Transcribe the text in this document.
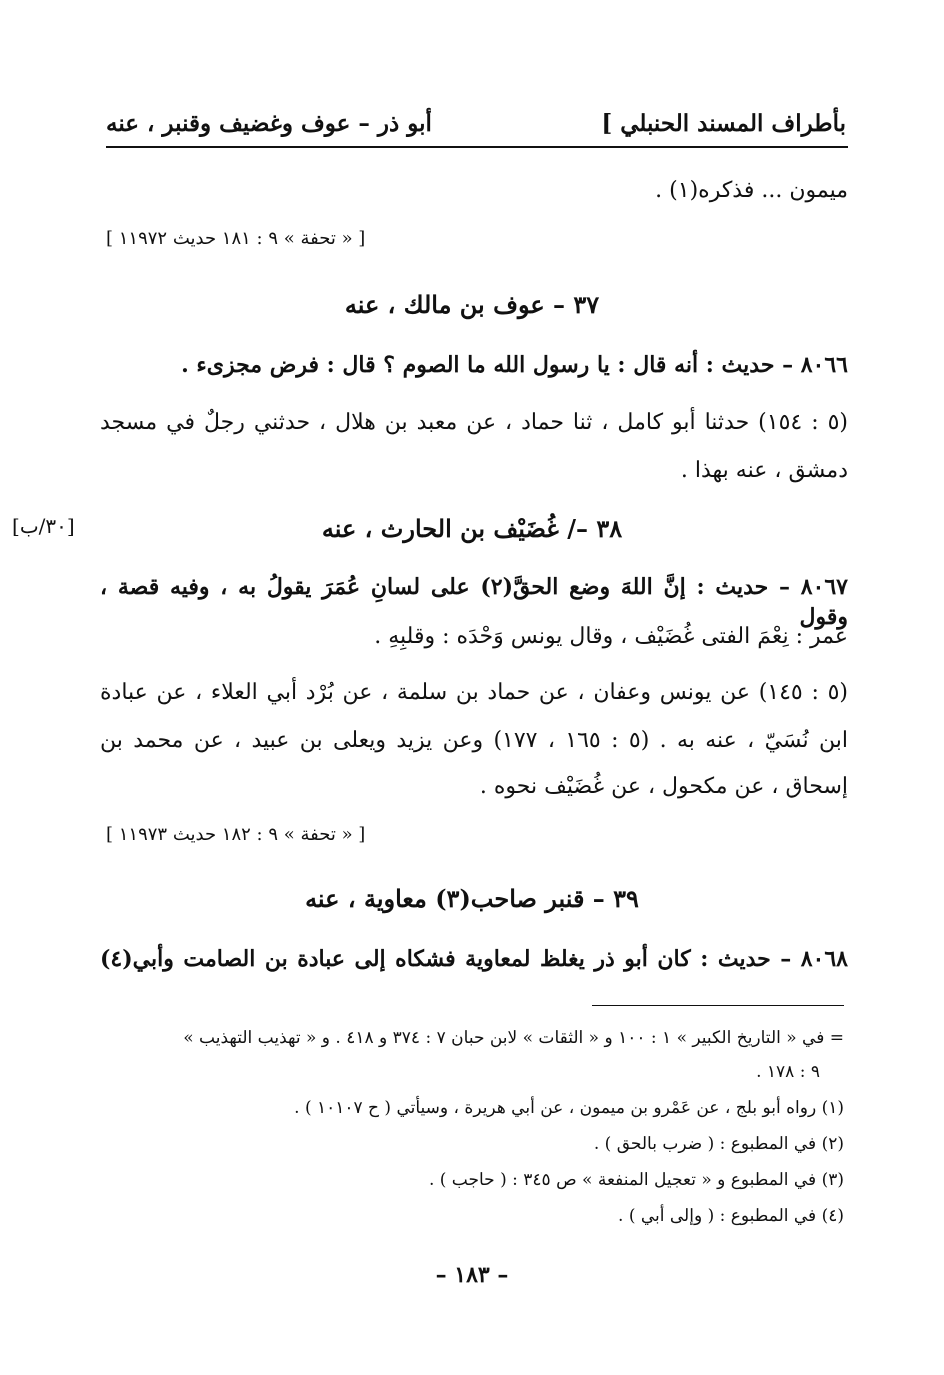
بأطراف المسند الحنبلي ]
أبو ذر – عوف وغضيف وقنبر ، عنه
ميمون ... فذكره(١) .
[ « تحفة » ٩ : ١٨١ حديث ١١٩٧٢ ]
٣٧ – عوف بن مالك ، عنه
٨٠٦٦ – حديث : أنه قال : يا رسول الله ما الصوم ؟ قال : فرض مجزىء .
(٥ : ١٥٤) حدثنا أبو كامل ، ثنا حماد ، عن معبد بن هلال ، حدثني رجلٌ في مسجد
دمشق ، عنه بهذا .
[٣٠/ب]	٣٨ –/ غُضَيْف بن الحارث ، عنه
٨٠٦٧ – حديث : إنَّ اللهَ وضع الحقَّ(٢) على لسانِ عُمَرَ يقولُ به ، وفيه قصة ، وقول
عمر : نِعْمَ الفتى غُضَيْف ، وقال يونس وَحْدَه : وقلبِهِ .
(٥ : ١٤٥) عن يونس وعفان ، عن حماد بن سلمة ، عن بُرْد أبي العلاء ، عن عبادة
ابن نُسَيّ ، عنه به . (٥ : ١٦٥ ، ١٧٧) وعن يزيد ويعلى بن عبيد ، عن محمد بن
إسحاق ، عن مكحول ، عن غُضَيْف نحوه .
[ « تحفة » ٩ : ١٨٢ حديث ١١٩٧٣ ]
٣٩ – قنبر صاحب(٣) معاوية ، عنه
٨٠٦٨ – حديث : كان أبو ذر يغلظ لمعاوية فشكاه إلى عبادة بن الصامت وأبي(٤)
= في « التاريخ الكبير » ١ : ١٠٠ و « الثقات » لابن حبان ٧ : ٣٧٤ و ٤١٨ . و « تهذيب التهذيب »
٩ : ١٧٨ .
(١) رواه أبو بلج ، عن عَمْرو بن ميمون ، عن أبي هريرة ، وسيأتي ( ح ١٠١٠٧ ) .
(٢) في المطبوع : ( ضرب بالحق ) .
(٣) في المطبوع و « تعجيل المنفعة » ص ٣٤٥ : ( حاجب ) .
(٤) في المطبوع : ( وإلى أبي ) .
– ١٨٣ –
